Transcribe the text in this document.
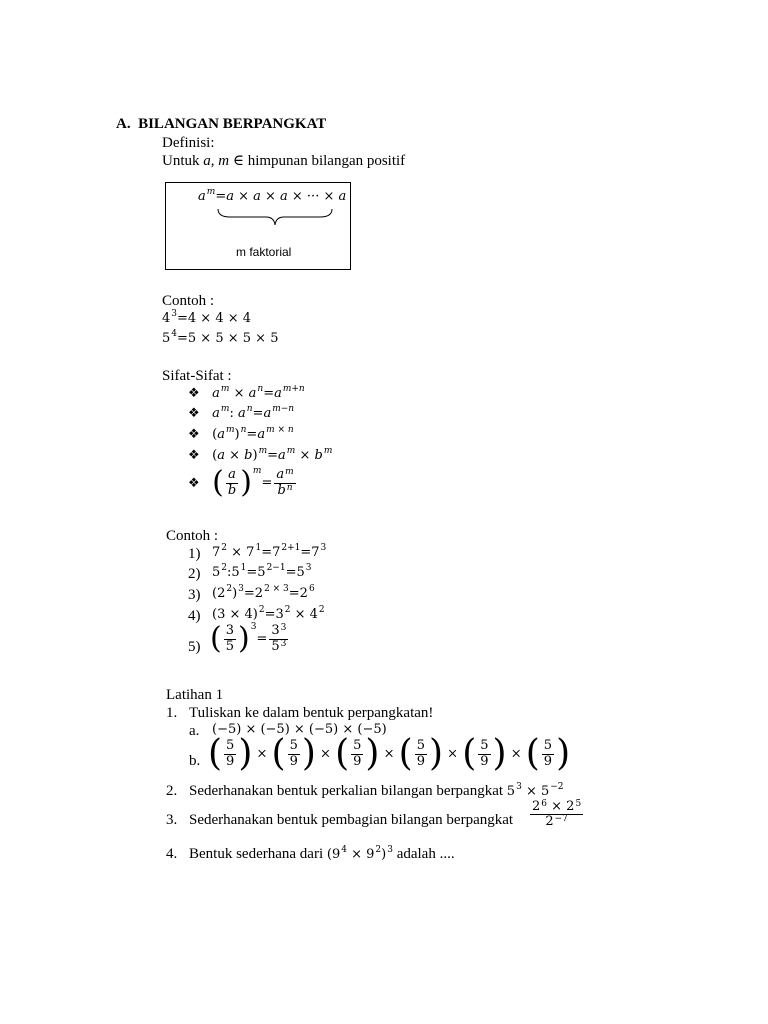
A. BILANGAN BERPANGKAT
Definisi:
Untuk a, m ∈ himpunan bilangan positif
$a^m=a \times a \times a$ × ··· × a
m faktorial
Contoh :
$4^3=4 \times 4 \times 4$
$5^4=5 \times 5 \times 5 \times 5$
Sifat-Sifat :
❖ $a^m \times a^n=a^{m+n}$
❖ $a^m$: $a^n=a^{m-n}$
❖ $(a^m)^n=a^{m \times n}$
❖ $(a \times b)^m=a^m \times b^m$
❖ ( $\frac{a}{b} )^m= \frac{a^m}{b^n}$
Contoh :
1) $7^2 \times 7^1=7^{2+1}=7^3$
2) $5^2:5^1=5^{2-1}=5^3$
3) $(2^2)^3=2^{2 \times 3}=2^6$
4) $(3 \times 4)^2=3^2 \times 4^2$
5) ( $\frac{3}{5} )^3= \frac{3^3}{5^3}$
Latihan 1
1. Tuliskan ke dalam bentuk perpangkatan!
a. (−5) × (−5) × (−5) × (−5)
b. ( $\frac{5}{9}$ ) × ( $\frac{5}{9}$ ) × ( $\frac{5}{9}$ ) × ( $\frac{5}{9}$ ) × ( $\frac{5}{9}$ ) × ( $\frac{5}{9}$ )
2. Sederhanakan bentuk perkalian bilangan berpangkat $5^3 \times 5^{-2}$
3. Sederhanakan bentuk pembagian bilangan berpangkat $\frac{2^6 \times 2^5}{2^{-7}}$
4. Bentuk sederhana dari $(9^4 \times 9^2)^3$ adalah ....
